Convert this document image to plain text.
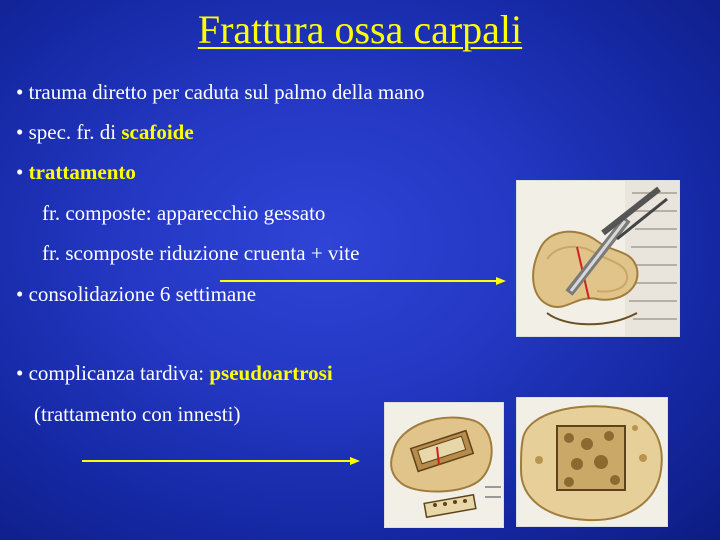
Frattura ossa carpali
• trauma diretto per caduta sul palmo della mano
• spec. fr. di scafoide
• trattamento
fr. composte: apparecchio gessato
fr. scomposte riduzione cruenta + vite
• consolidazione 6 settimane
• complicanza tardiva: pseudoartrosi
(trattamento con innesti)
